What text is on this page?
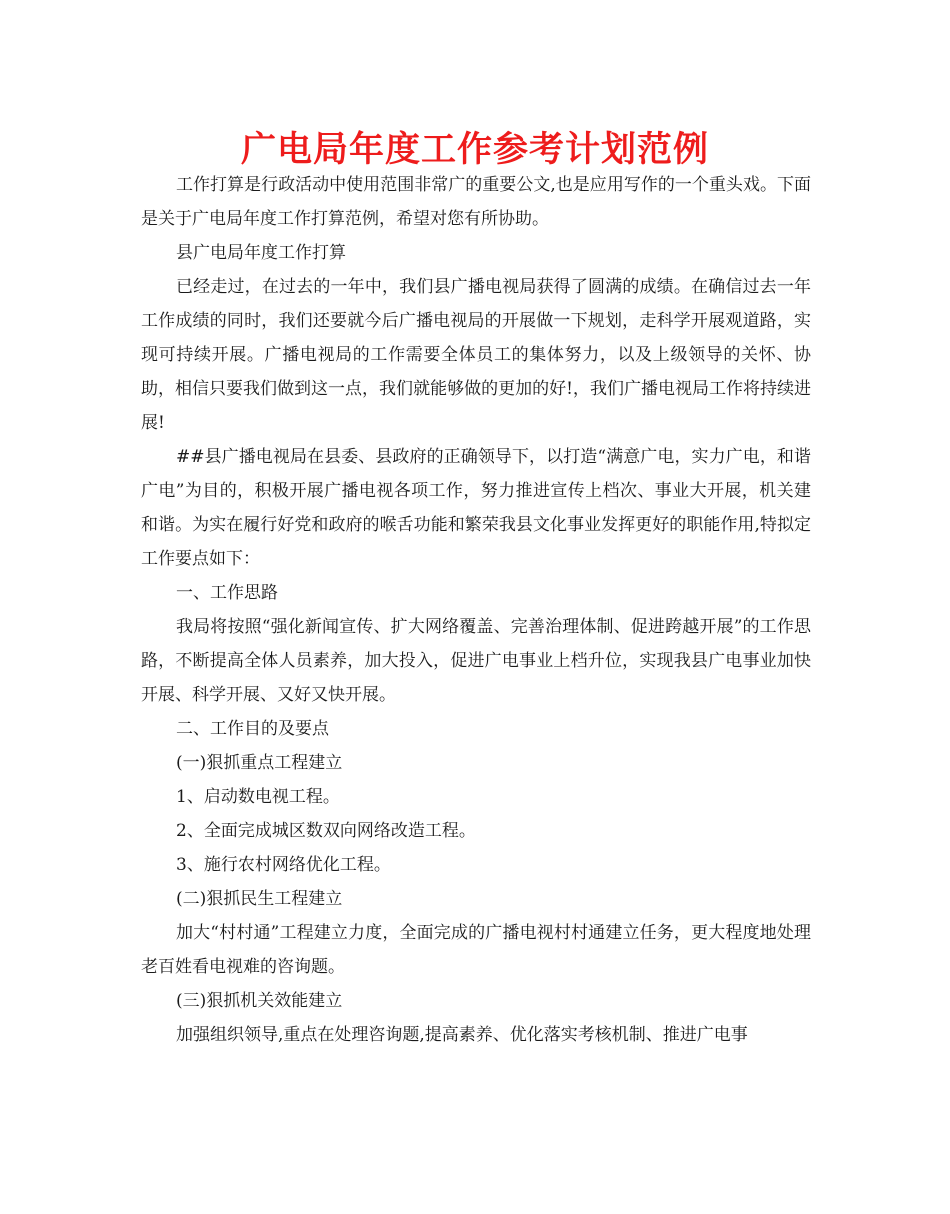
广电局年度工作参考计划范例

工作打算是行政活动中使用范围非常广的重要公文,也是应用写作的一个重头戏。下面是关于广电局年度工作打算范例，希望对您有所协助。

县广电局年度工作打算

已经走过，在过去的一年中，我们县广播电视局获得了圆满的成绩。在确信过去一年工作成绩的同时，我们还要就今后广播电视局的开展做一下规划，走科学开展观道路，实现可持续开展。广播电视局的工作需要全体员工的集体努力，以及上级领导的关怀、协助，相信只要我们做到这一点，我们就能够做的更加的好!，我们广播电视局工作将持续进展!

##县广播电视局在县委、县政府的正确领导下，以打造“满意广电，实力广电，和谐广电”为目的，积极开展广播电视各项工作，努力推进宣传上档次、事业大开展，机关建和谐。为实在履行好党和政府的喉舌功能和繁荣我县文化事业发挥更好的职能作用,特拟定工作要点如下：

一、工作思路

我局将按照“强化新闻宣传、扩大网络覆盖、完善治理体制、促进跨越开展”的工作思路，不断提高全体人员素养，加大投入，促进广电事业上档升位，实现我县广电事业加快开展、科学开展、又好又快开展。

二、工作目的及要点

(一)狠抓重点工程建立

1、启动数电视工程。

2、全面完成城区数双向网络改造工程。

3、施行农村网络优化工程。

(二)狠抓民生工程建立

加大“村村通”工程建立力度，全面完成的广播电视村村通建立任务，更大程度地处理老百姓看电视难的咨询题。

(三)狠抓机关效能建立

加强组织领导,重点在处理咨询题,提高素养、优化落实考核机制、推进广电事
